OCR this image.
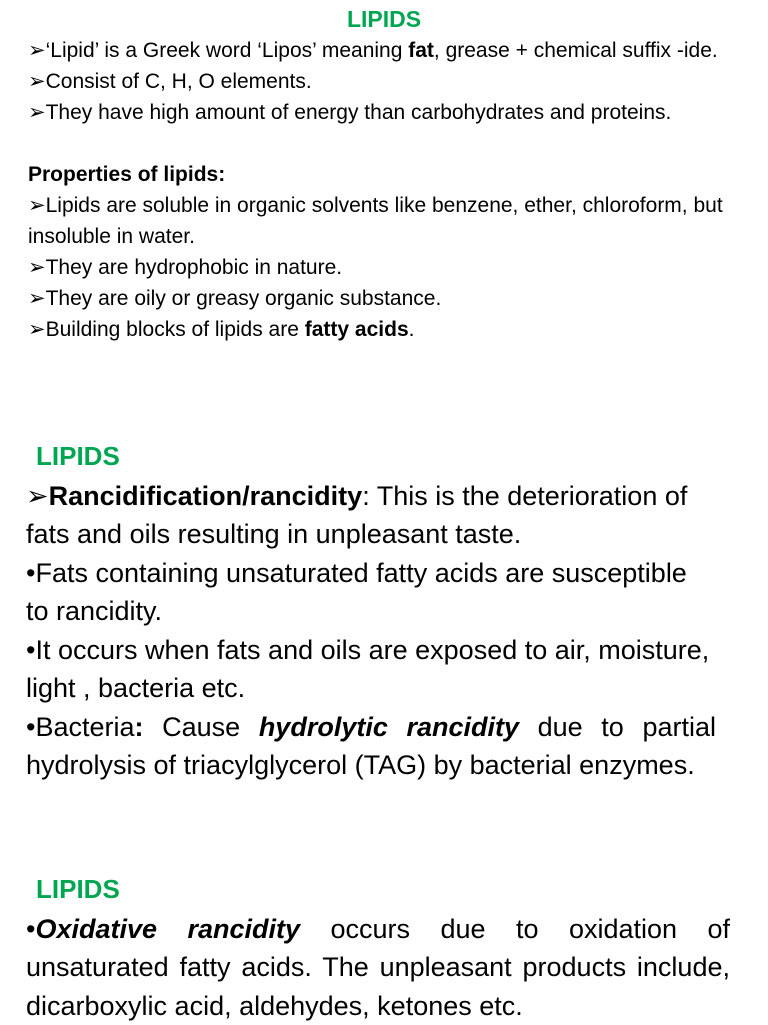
LIPIDS
➢‘Lipid’ is a Greek word ‘Lipos’ meaning fat, grease + chemical suffix -ide.
➢Consist of C, H, O elements.
➢They have high amount of energy than carbohydrates and proteins.
Properties of lipids:
➢Lipids are soluble in organic solvents like benzene, ether, chloroform, but insoluble in water.
➢They are hydrophobic in nature.
➢They are oily or greasy organic substance.
➢Building blocks of lipids are fatty acids.
LIPIDS
➢Rancidification/rancidity: This is the deterioration of fats and oils resulting in unpleasant taste.
•Fats containing unsaturated fatty acids are susceptible to rancidity.
•It occurs when fats and oils are exposed to air, moisture, light , bacteria etc.
•Bacteria: Cause hydrolytic rancidity due to partial hydrolysis of triacylglycerol (TAG) by bacterial enzymes.
LIPIDS
•Oxidative rancidity occurs due to oxidation of unsaturated fatty acids. The unpleasant products include, dicarboxylic acid, aldehydes, ketones etc.
